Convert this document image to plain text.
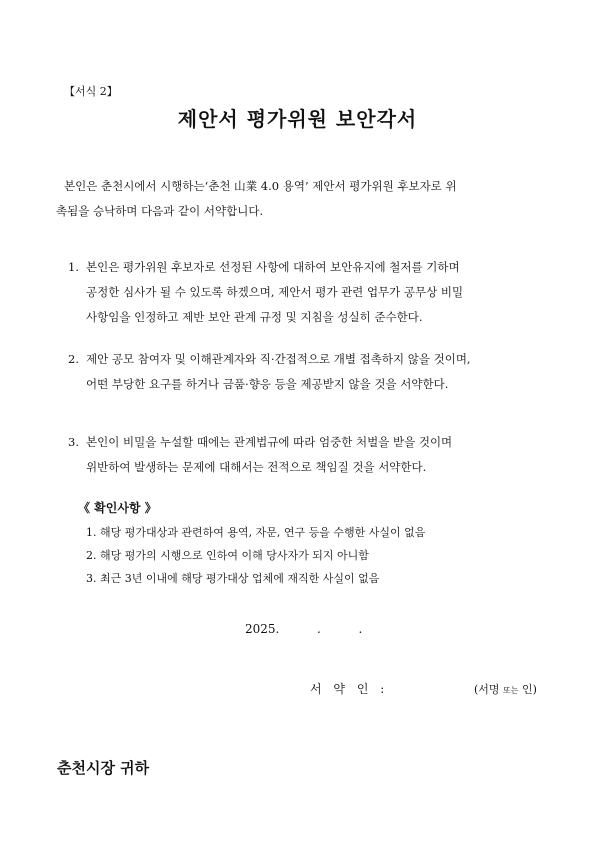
【서식 2】
제안서 평가위원 보안각서
본인은 춘천시에서 시행하는‘춘천 山業 4.0 용역’ 제안서 평가위원 후보자로 위
촉됨을 승낙하며 다음과 같이 서약합니다.
1. 본인은 평가위원 후보자로 선정된 사항에 대하여 보안유지에 철저를 기하며
공정한 심사가 될 수 있도록 하겠으며, 제안서 평가 관련 업무가 공무상 비밀
사항임을 인정하고 제반 보안 관계 규정 및 지침을 성실히 준수한다.
2. 제안 공모 참여자 및 이해관계자와 직·간접적으로 개별 접촉하지 않을 것이며,
어떤 부당한 요구를 하거나 금품·향응 등을 제공받지 않을 것을 서약한다.
3. 본인이 비밀을 누설할 때에는 관계법규에 따라 엄중한 처벌을 받을 것이며
위반하여 발생하는 문제에 대해서는 전적으로 책임질 것을 서약한다.
《 확인사항 》
1. 해당 평가대상과 관련하여 용역, 자문, 연구 등을 수행한 사실이 없음
2. 해당 평가의 시행으로 인하여 이해 당사자가 되지 아니함
3. 최근 3년 이내에 해당 평가대상 업체에 재직한 사실이 없음
2025.	.	.
서 약 인 :	(서명 또는 인)
춘천시장 귀하
